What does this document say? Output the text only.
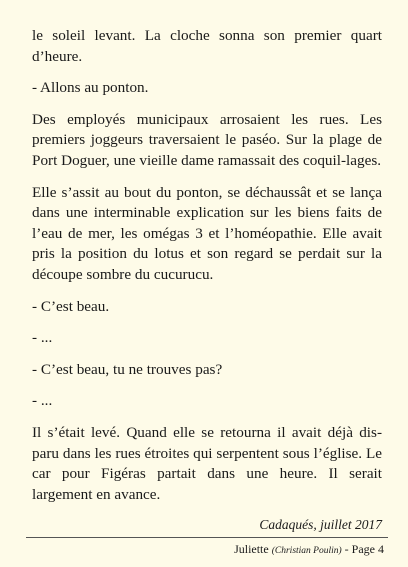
le soleil levant. La cloche sonna son premier quart d’heure.

- Allons au ponton.

Des employés municipaux arrosaient les rues. Les premiers joggeurs traversaient le paséo. Sur la plage de Port Doguer, une vieille dame ramassait des coquil-lages.

Elle s’assit au bout du ponton, se déchaussât et se lança dans une interminable explication sur les biens faits de l’eau de mer, les omégas 3 et l’homéopathie. Elle avait pris la position du lotus et son regard se perdait sur la découpe sombre du cucurucu.

- C’est beau.

- ...

- C’est beau, tu ne trouves pas?

- ...

Il s’était levé. Quand elle se retourna il avait déjà dis-paru dans les rues étroites qui serpentent sous l’église. Le car pour Figéras partait dans une heure. Il serait largement en avance.

Cadaqués, juillet 2017

Juliette (Christian Poulin) - Page 4
